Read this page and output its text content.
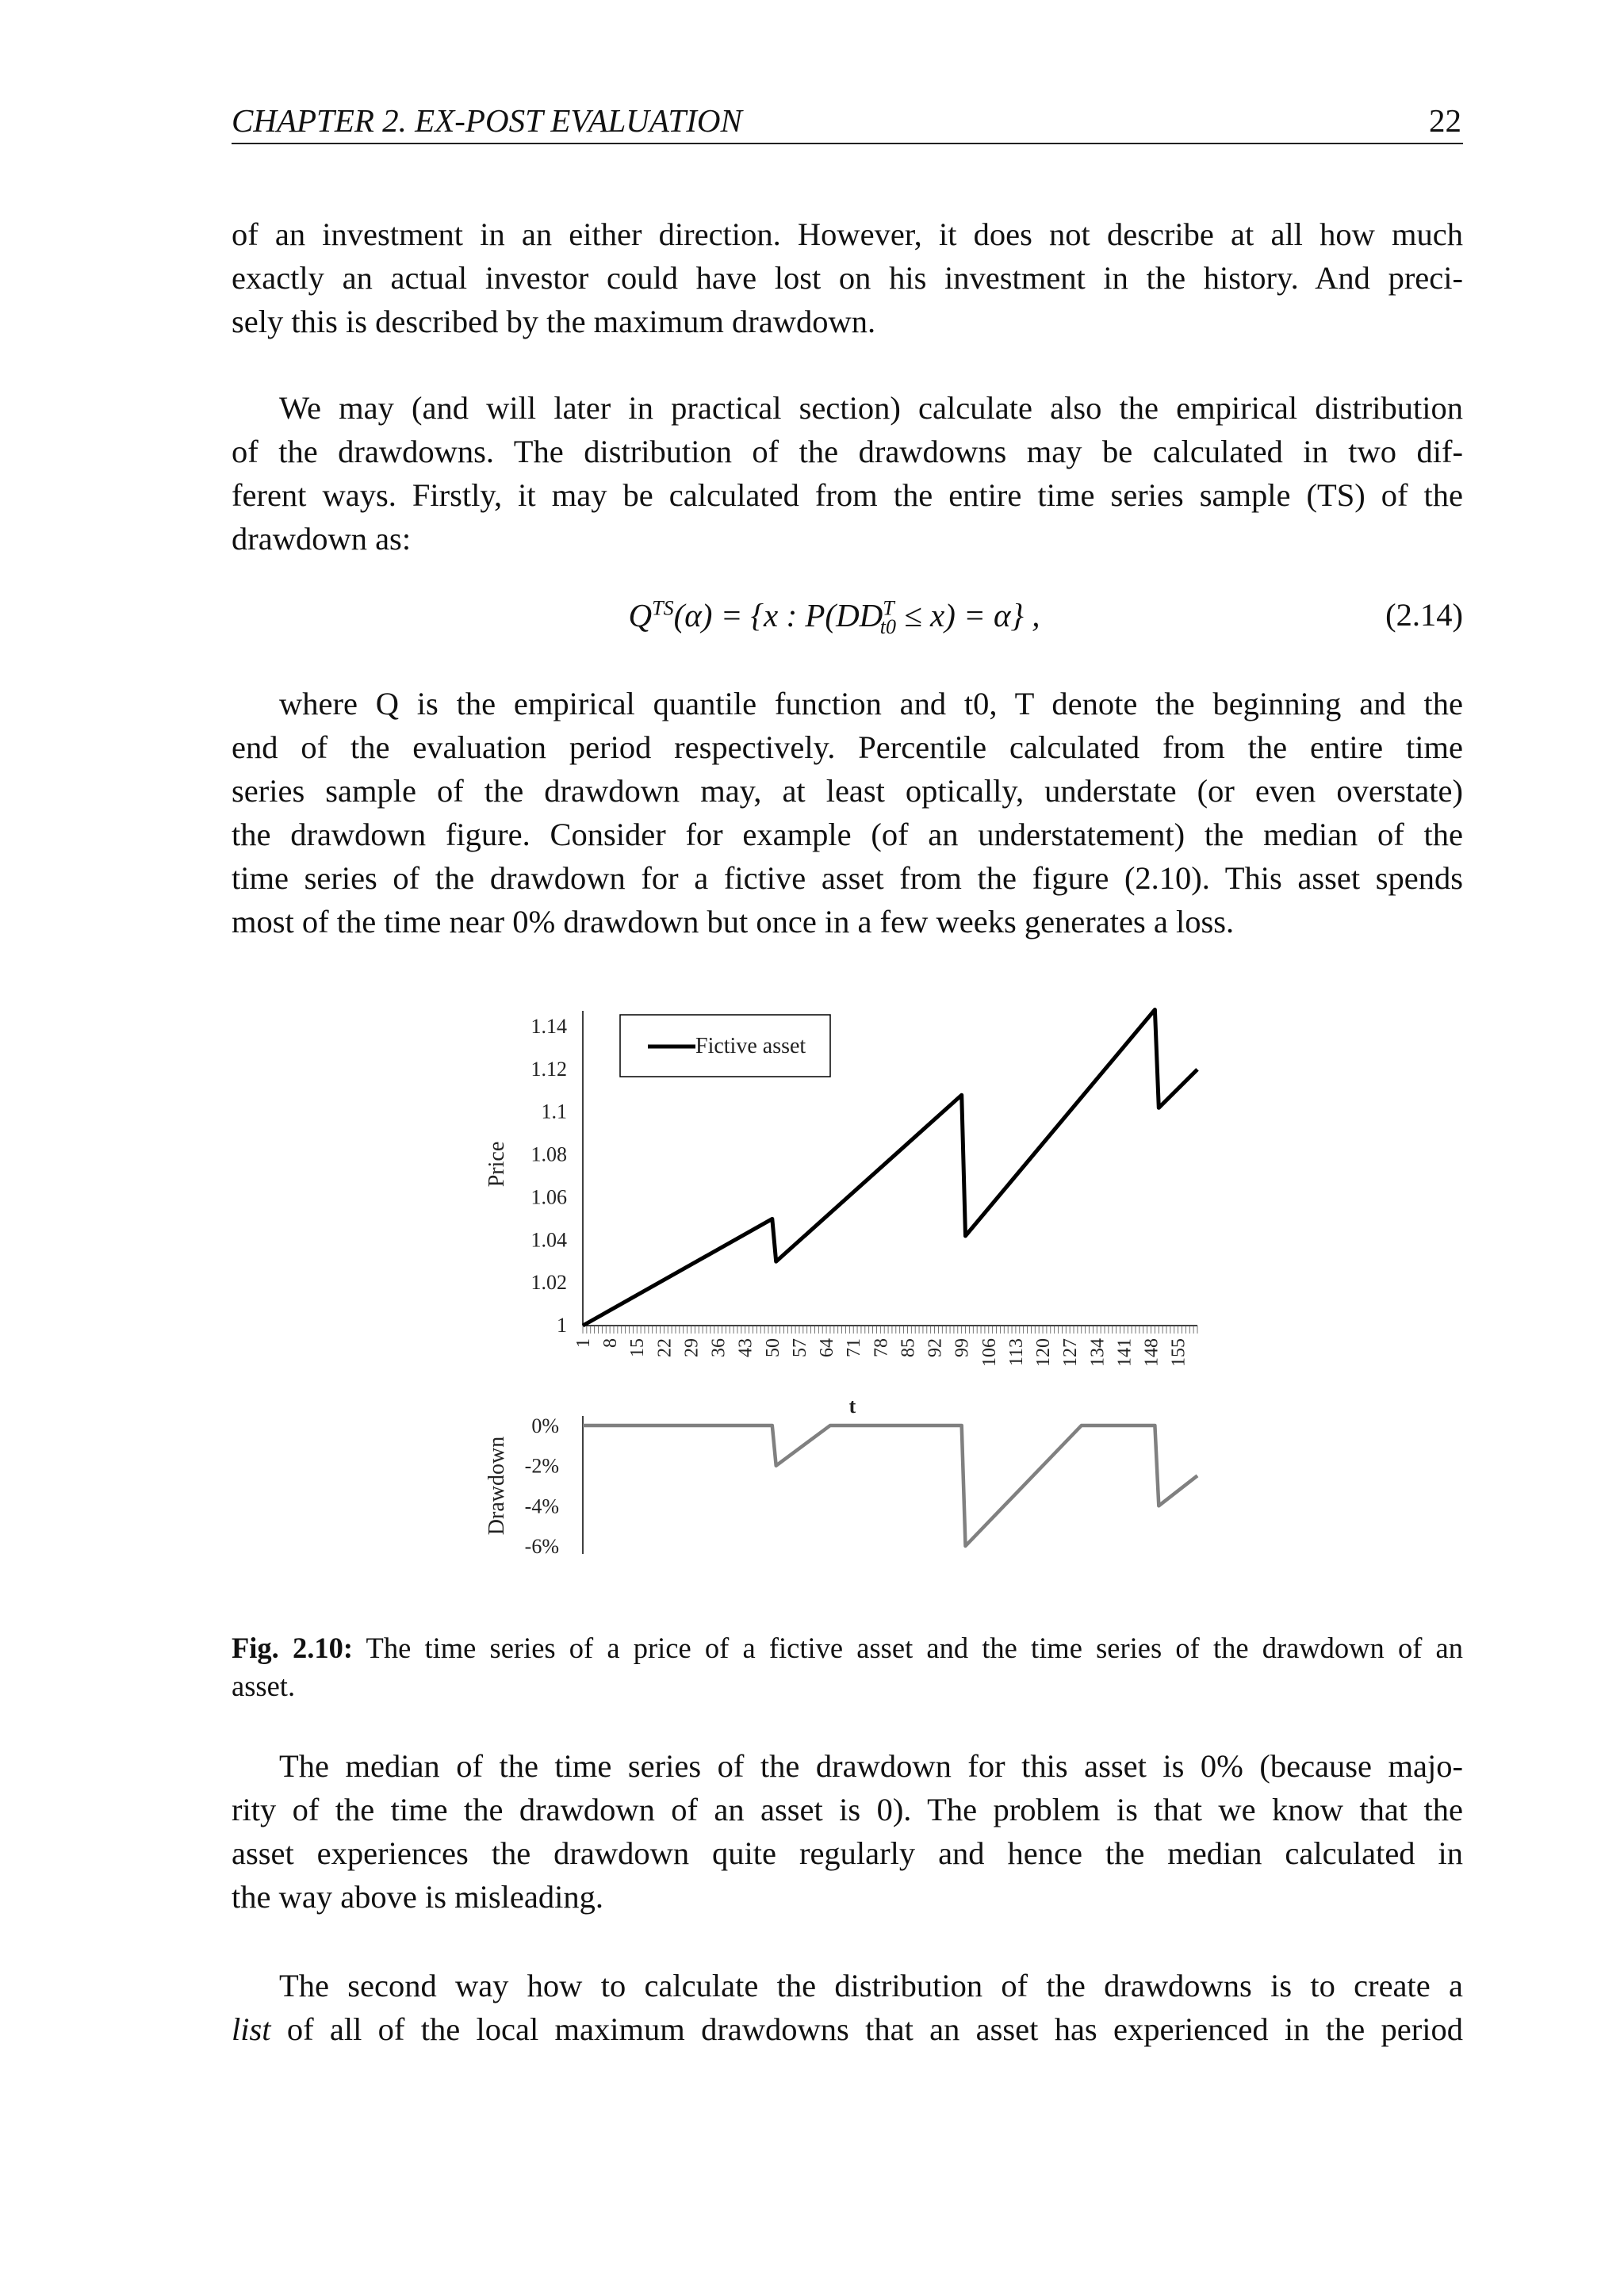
CHAPTER 2. EX-POST EVALUATION	22

of an investment in an either direction. However, it does not describe at all how much
exactly an actual investor could have lost on his investment in the history. And preci-
sely this is described by the maximum drawdown.

We may (and will later in practical section) calculate also the empirical distribution
of the drawdowns. The distribution of the drawdowns may be calculated in two dif-
ferent ways. Firstly, it may be calculated from the entire time series sample (TS) of the
drawdown as:

$Q^{TS}(\alpha) = \{x$ : $P(DD^T_{t0} \le x) = \alpha$} ,	(2.14)

where Q is the empirical quantile function and t0, T denote the beginning and the
end of the evaluation period respectively. Percentile calculated from the entire time
series sample of the drawdown may, at least optically, understate (or even overstate)
the drawdown figure. Consider for example (of an understatement) the median of the
time series of the drawdown for a fictive asset from the figure (2.10). This asset spends
most of the time near 0% drawdown but once in a few weeks generates a loss.

1
1.02
1.04
1.06
1.08
1.1
1.12
1.14
1 8 15 22 29 36 43 50 57 64 71 78 85 92 99 106 113 120 127 134 141 148 155
t
Price
Fictive asset
0%
-2%
-4%
-6%
Drawdown
Fig. 2.10: The time series of a price of a fictive asset and the time series of the drawdown of an
asset.

The median of the time series of the drawdown for this asset is 0% (because majo-
rity of the time the drawdown of an asset is 0). The problem is that we know that the
asset experiences the drawdown quite regularly and hence the median calculated in
the way above is misleading.

The second way how to calculate the distribution of the drawdowns is to create a
list of all of the local maximum drawdowns that an asset has experienced in the period
